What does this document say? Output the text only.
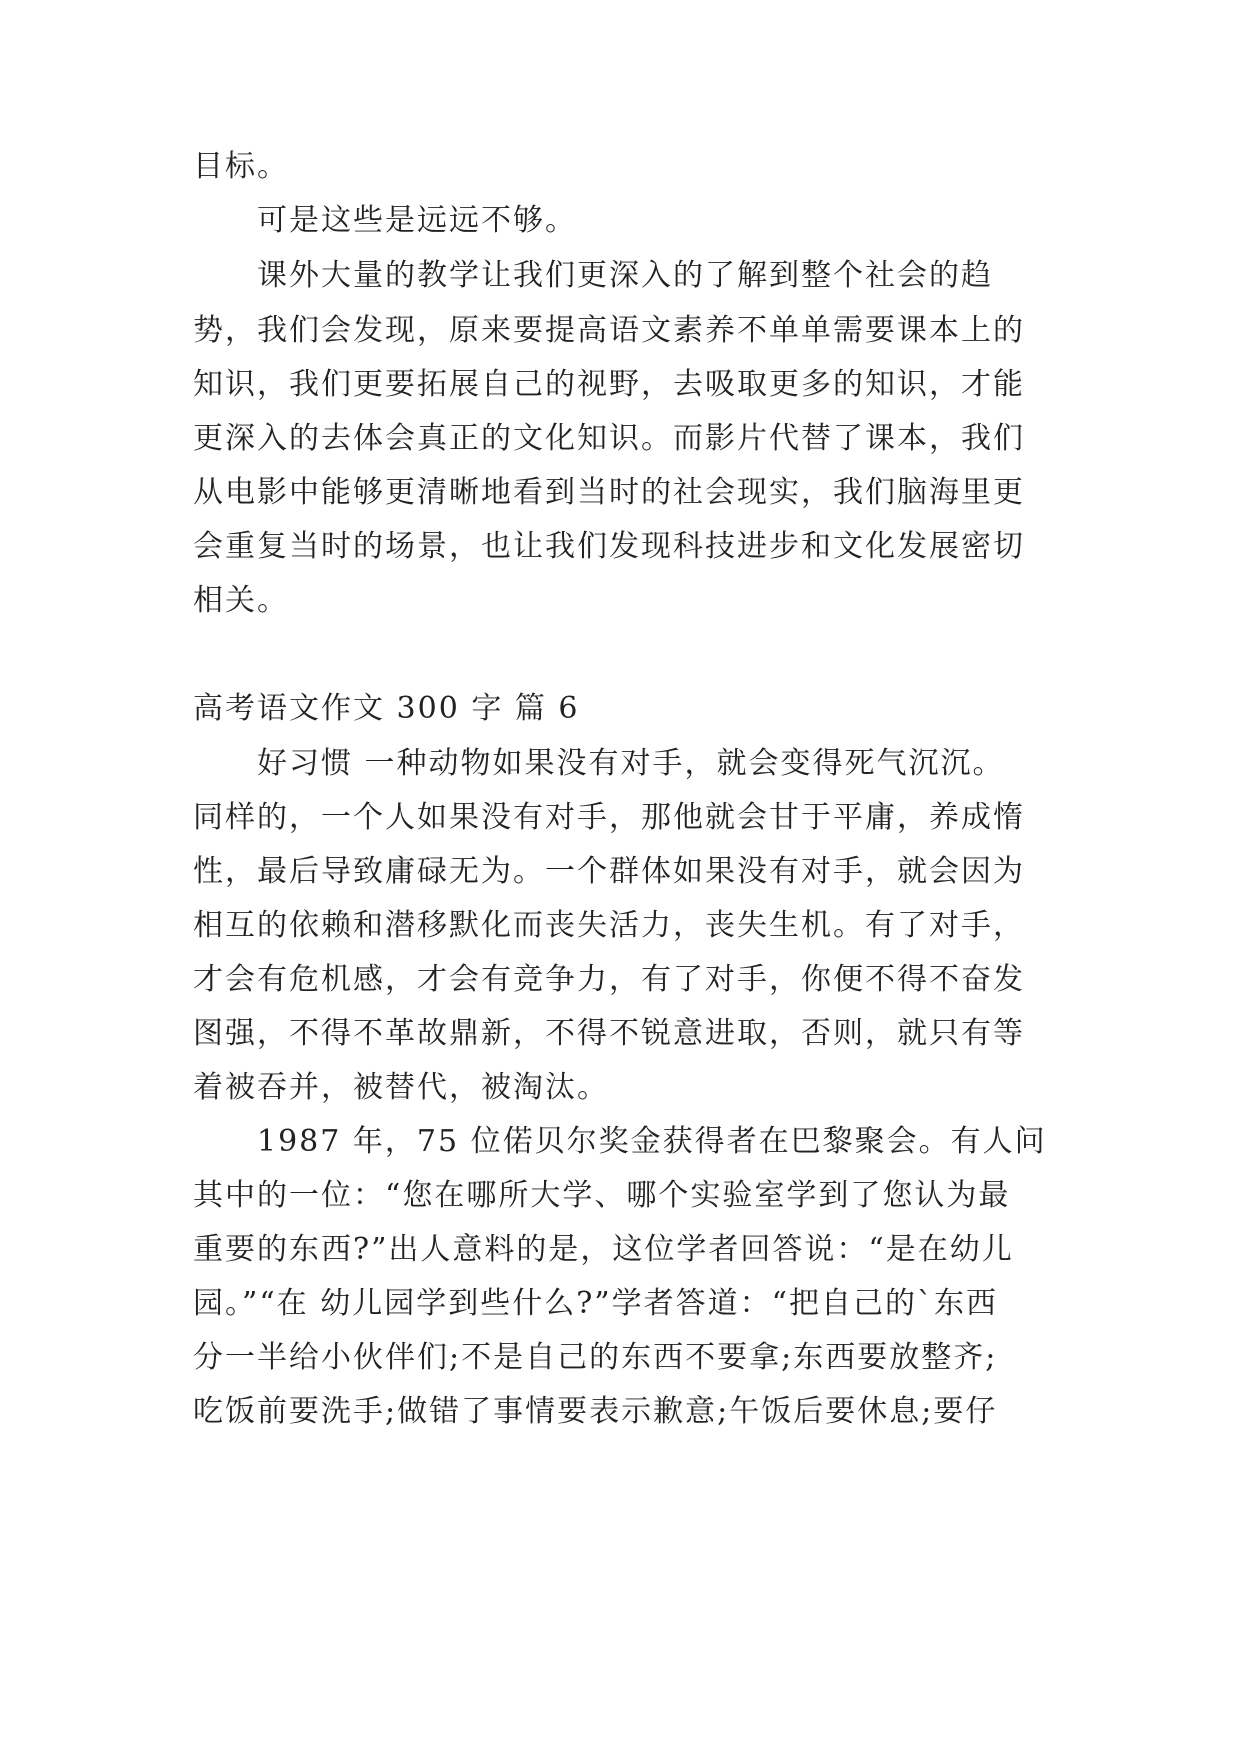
目标。
可是这些是远远不够。
课外大量的教学让我们更深入的了解到整个社会的趋
势，我们会发现，原来要提高语文素养不单单需要课本上的
知识，我们更要拓展自己的视野，去吸取更多的知识，才能
更深入的去体会真正的文化知识。而影片代替了课本，我们
从电影中能够更清晰地看到当时的社会现实，我们脑海里更
会重复当时的场景，也让我们发现科技进步和文化发展密切
相关。
高考语文作文 300 字 篇 6
好习惯 一种动物如果没有对手，就会变得死气沉沉。
同样的，一个人如果没有对手，那他就会甘于平庸，养成惰
性，最后导致庸碌无为。一个群体如果没有对手，就会因为
相互的依赖和潜移默化而丧失活力，丧失生机。有了对手，
才会有危机感，才会有竞争力，有了对手，你便不得不奋发
图强，不得不革故鼎新，不得不锐意进取，否则，就只有等
着被吞并，被替代，被淘汰。
1987 年，75 位偌贝尔奖金获得者在巴黎聚会。有人问
其中的一位：“您在哪所大学、哪个实验室学到了您认为最
重要的东西?”出人意料的是，这位学者回答说：“是在幼儿
园。”“在 幼儿园学到些什么?”学者答道：“把自己的`东西
分一半给小伙伴们;不是自己的东西不要拿;东西要放整齐;
吃饭前要洗手;做错了事情要表示歉意;午饭后要休息;要仔
